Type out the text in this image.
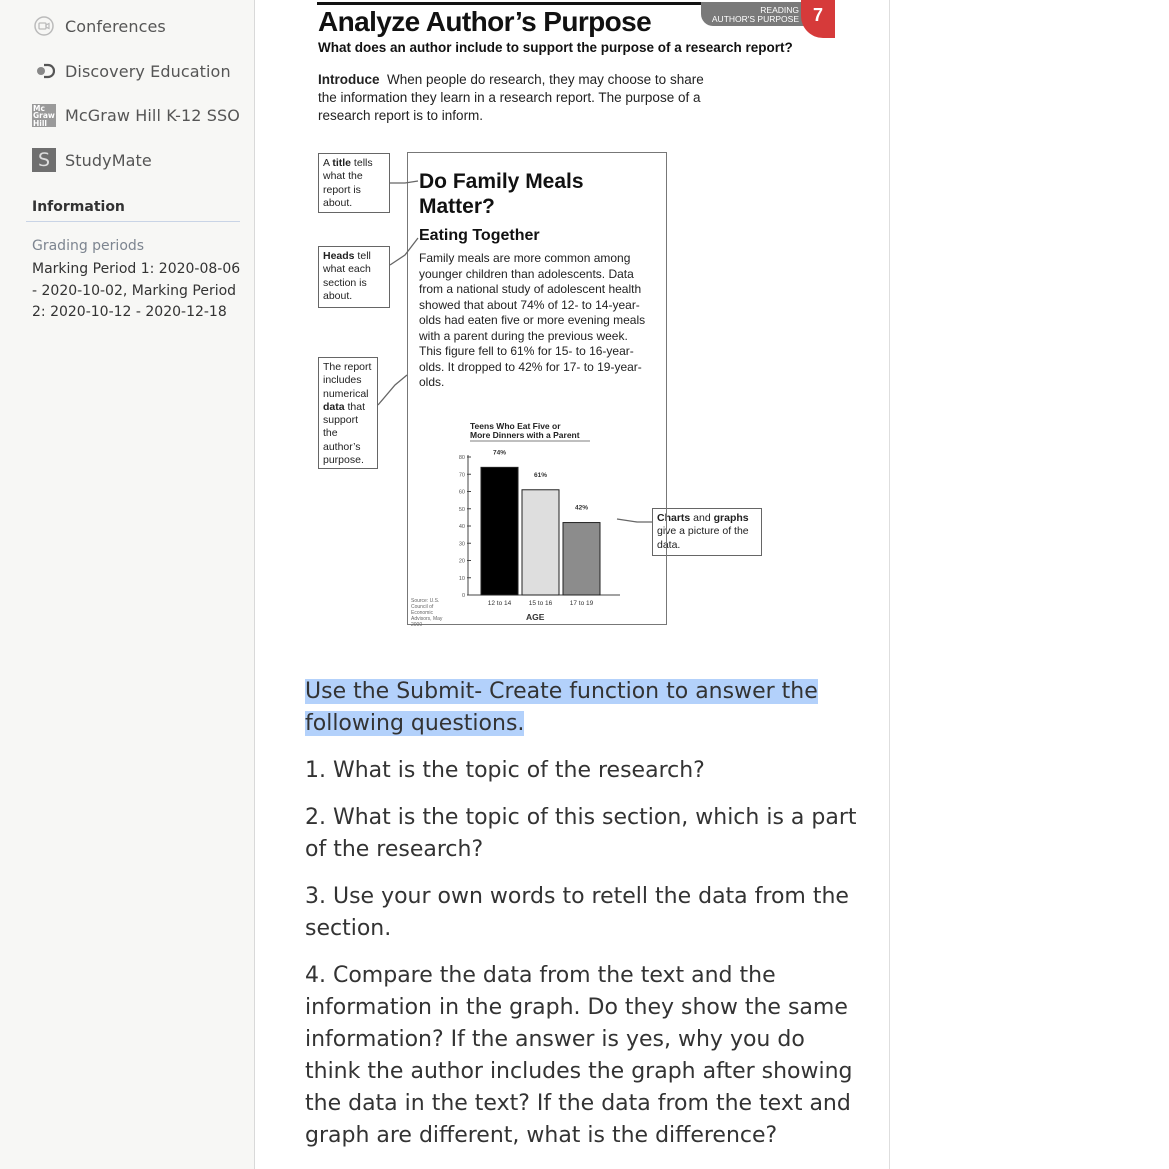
Conferences
Discovery Education
Mc Graw Hill	McGraw Hill K-12 SSO
S StudyMate
Information
Grading periods
Marking Period 1: 2020-08-06 - 2020-10-02, Marking Period 2: 2020-10-12 - 2020-12-18
Analyze Author’s Purpose	READING
AUTHOR'S PURPOSE 7
What does an author include to support the purpose of a research report?
Introduce When people do research, they may choose to share the information they learn in a research report. The purpose of a research report is to inform.
A title tells what the report is about.
Heads tell what each section is about.
The report includes numerical data that support the author’s purpose.
Charts and graphs give a picture of the data.
Do Family Meals Matter?
Eating Together
Family meals are more common among younger children than adolescents. Data from a national study of adolescent health showed that about 74% of 12- to 14-year-olds had eaten five or more evening meals with a parent during the previous week. This figure fell to 61% for 15- to 16-year-olds. It dropped to 42% for 17- to 19-year-olds.
Teens Who Eat Five or
More Dinners with a Parent
0
10
20
30
40
50
60
70
80
74%
12 to 14
61%
15 to 16
42%
17 to 19
AGE
Source: U.S. Council of Economic Advisors, May 2000

Use the Submit- Create function to answer the following questions.

1. What is the topic of the research?

2. What is the topic of this section, which is a part of the research?

3. Use your own words to retell the data from the section.

4. Compare the data from the text and the information in the graph. Do they show the same information? If the answer is yes, why you do think the author includes the graph after showing the data in the text? If the data from the text and graph are different, what is the difference?
